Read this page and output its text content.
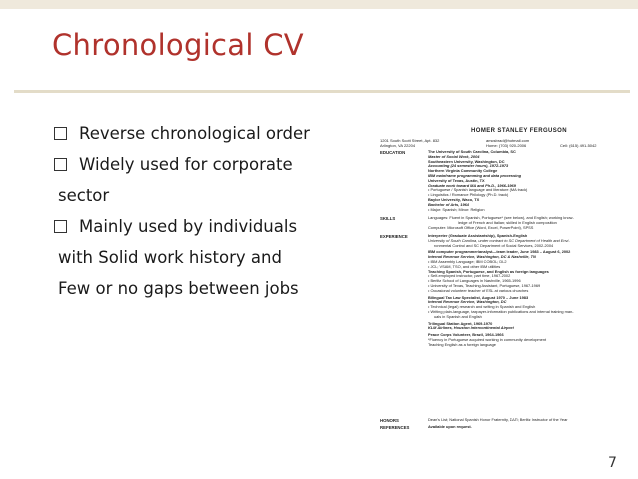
Chronological CV
Reverse chronological order
Widely used for corporate
sector
Mainly used by individuals
with Solid work history and
Few or no gaps between jobs
HOMER STANLEY FERGUSON
1201 South Scott Street, Apt. 832
Arlington, VA 22204
amcsbrad@hotmail.com
Home: (703) 920-2006	Cell: (615) 491-5042
EDUCATION	The University of South Carolina, Columbia, SC
Master of Social Work, 2004
Southeastern University, Washington, DC
Accounting (24 semester hours), 1972-1973
Northern Virginia Community College
IBM mainframe programming and data processing
University of Texas, Austin, TX
Graduate work toward MA and Ph.D., 1966-1969
• Portuguese / Spanish language and literature (MA track)
• Linguistics / Romance Philology (Ph.D. track)
Baylor University, Waco, TX
Bachelor of Arts, 1964
• Major: Spanish; Minor: Religion
SKILLS	Languages: Fluent in Spanish, Portuguese* (see below), and English; working know-
ledge of French and Italian; skilled in English composition
Computer: Microsoft Office (Word, Excel, PowerPoint), SPSS
EXPERIENCE	Interpreter (Graduate Assistantship), Spanish-English
University of South Carolina, under contract to SC Department of Health and Envi-
ronmental Control and SC Department of Social Services, 2002-2004
IBM computer programmer/analyst—team leader, June 1983 – August 6, 2002
Internal Revenue Service, Washington, DC & Nashville, TN
• IBM Assembly Language; IBM COBOL; DL2
• JCL; VSAM, TSO, and other IBM utilities
Teaching Spanish, Portuguese, and English as foreign languages
• Self-employed instructor, part time, 1967-2002
• Berlitz School of Languages in Nashville, 1965-1996
• University of Texas, Teaching Assistant, Portuguese, 1967-1969
• Occasional volunteer teacher of ESL at various churches
Bilingual Tax Law Specialist, August 1970 – June 1983
Internal Revenue Service, Washington, DC
• Technical (legal) research and writing in Spanish and English
• Writing plain-language, taxpayer-information publications and internal training man-
uals in Spanish and English
Trilingual Station Agent, 1969-1970
KLM Airlines, Houston Intercontinental Airport
Peace Corps Volunteer, Brazil, 1964-1966
*Fluency in Portuguese acquired working in community development
Teaching English as a foreign language
HONORS	Dean's List; National Spanish Honor Fraternity, ΣΔΠ; Berlitz Instructor of the Year
REFERENCES	Available upon request.
7
